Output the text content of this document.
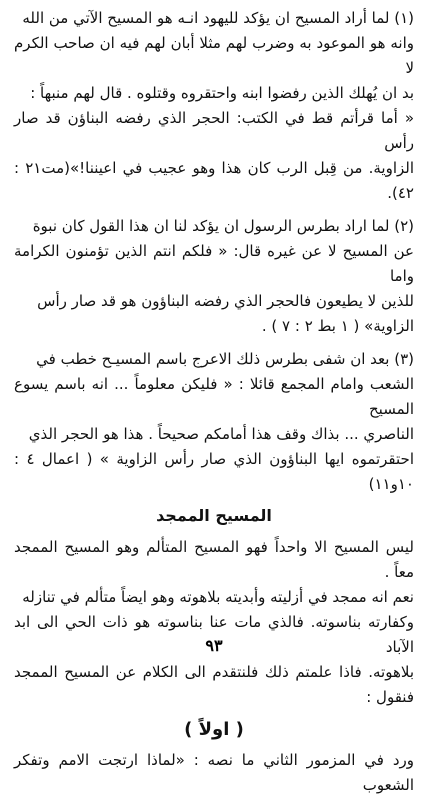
(١) لما أراد المسيح ان يؤكد لليهود انـه هو المسيح الآتي من الله

وانه هو الموعود به وضرب لهم مثلا أبان لهم فيه ان صاحب الكرم لا

بد ان يُهلك الذين رفضوا ابنه واحتقروه وقتلوه . قال لهم منبهاً :

« أما قرأتم قط في الكتب: الحجر الذي رفضه البناؤن قد صار رأس

الزاوية. من قِبل الرب كان هذا وهو عجيب في اعيننا!»(مت٢١ : ٤٢).

(٢) لما اراد بطرس الرسول ان يؤكد لنا ان هذا القول كان نبوة

عن المسيح لا عن غيره قال: « فلكم انتم الذين تؤمنون الكرامة واما

للذين لا يطيعون فالحجر الذي رفضه البناؤون هو قد صار رأس

الزاوية» ( ١ بط ٢ : ٧ ) .

(٣) بعد ان شفى بطرس ذلك الاعرج باسم المسيـح خطب في

الشعب وامام المجمع قائلا : « فليكن معلوماً ... انه باسم يسوع المسيح

الناصري ... بذاك وقف هذا أمامكم صحيحاً . هذا هو الحجر الذي

احتقرتموه ايها البناؤون الذي صار رأس الزاوية » ( اعمال ٤ : ١٠و١١)

المسيح الممجد

ليس المسيح الا واحداً فهو المسيح المتألم وهو المسيح الممجد معاً .

نعم انه ممجد في أزليته وأبديته بلاهوته وهو ايضاً متألم في تنازله

وكفارته بناسوته. فالذي مات عنا بناسوته هو ذات الحي الى ابد الآباد

بلاهوته. فاذا علمتم ذلك فلنتقدم الى الكلام عن المسيح الممجد فنقول :

( اولاً )

ورد في المزمور الثاني ما نصه : «لماذا ارتجت الامم وتفكر الشعوب

٩٣
